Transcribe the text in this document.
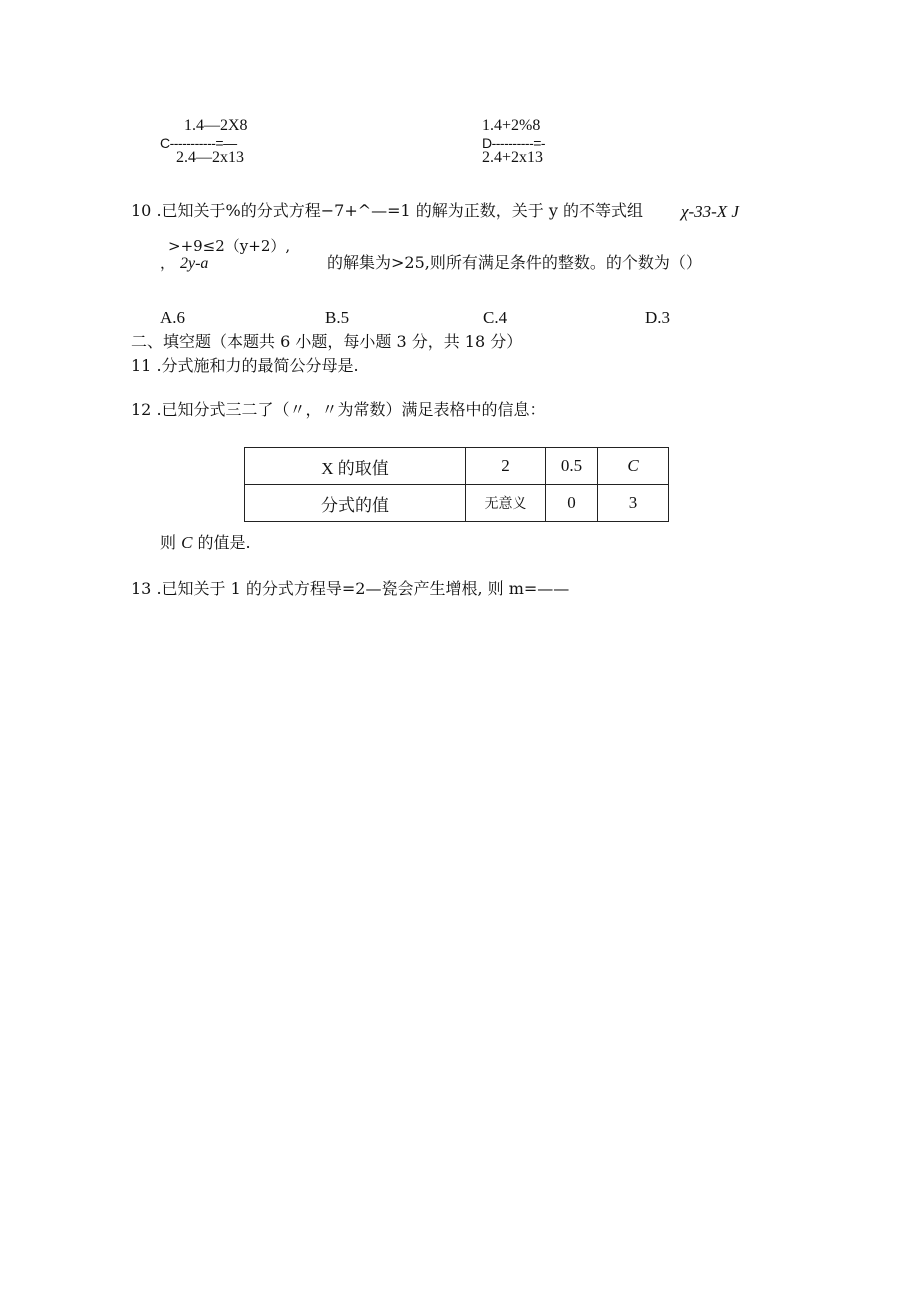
1.4—2X8
C-----------=—
2.4—2x13
1.4+2%8
D----------=-
2.4+2x13
10 .已知关于%的分式方程−7+^—=1 的解为正数，关于 y 的不等式组 χ-33-X J
>+9≤2（y+2）,
， 2y-a	的解集为>25,则所有满足条件的整数。的个数为（）
A.6	B.5	C.4	D.3
二、填空题（本题共 6 小题，每小题 3 分，共 18 分）
11 .分式施和力的最简公分母是.
12 .已知分式三二了（〃，〃为常数）满足表格中的信息：
X 的取值	2	0.5	C
分式的值	无意义	0	3
则 C 的值是.
13 .已知关于 1 的分式方程导=2—瓷会产生增根, 则 m=——
